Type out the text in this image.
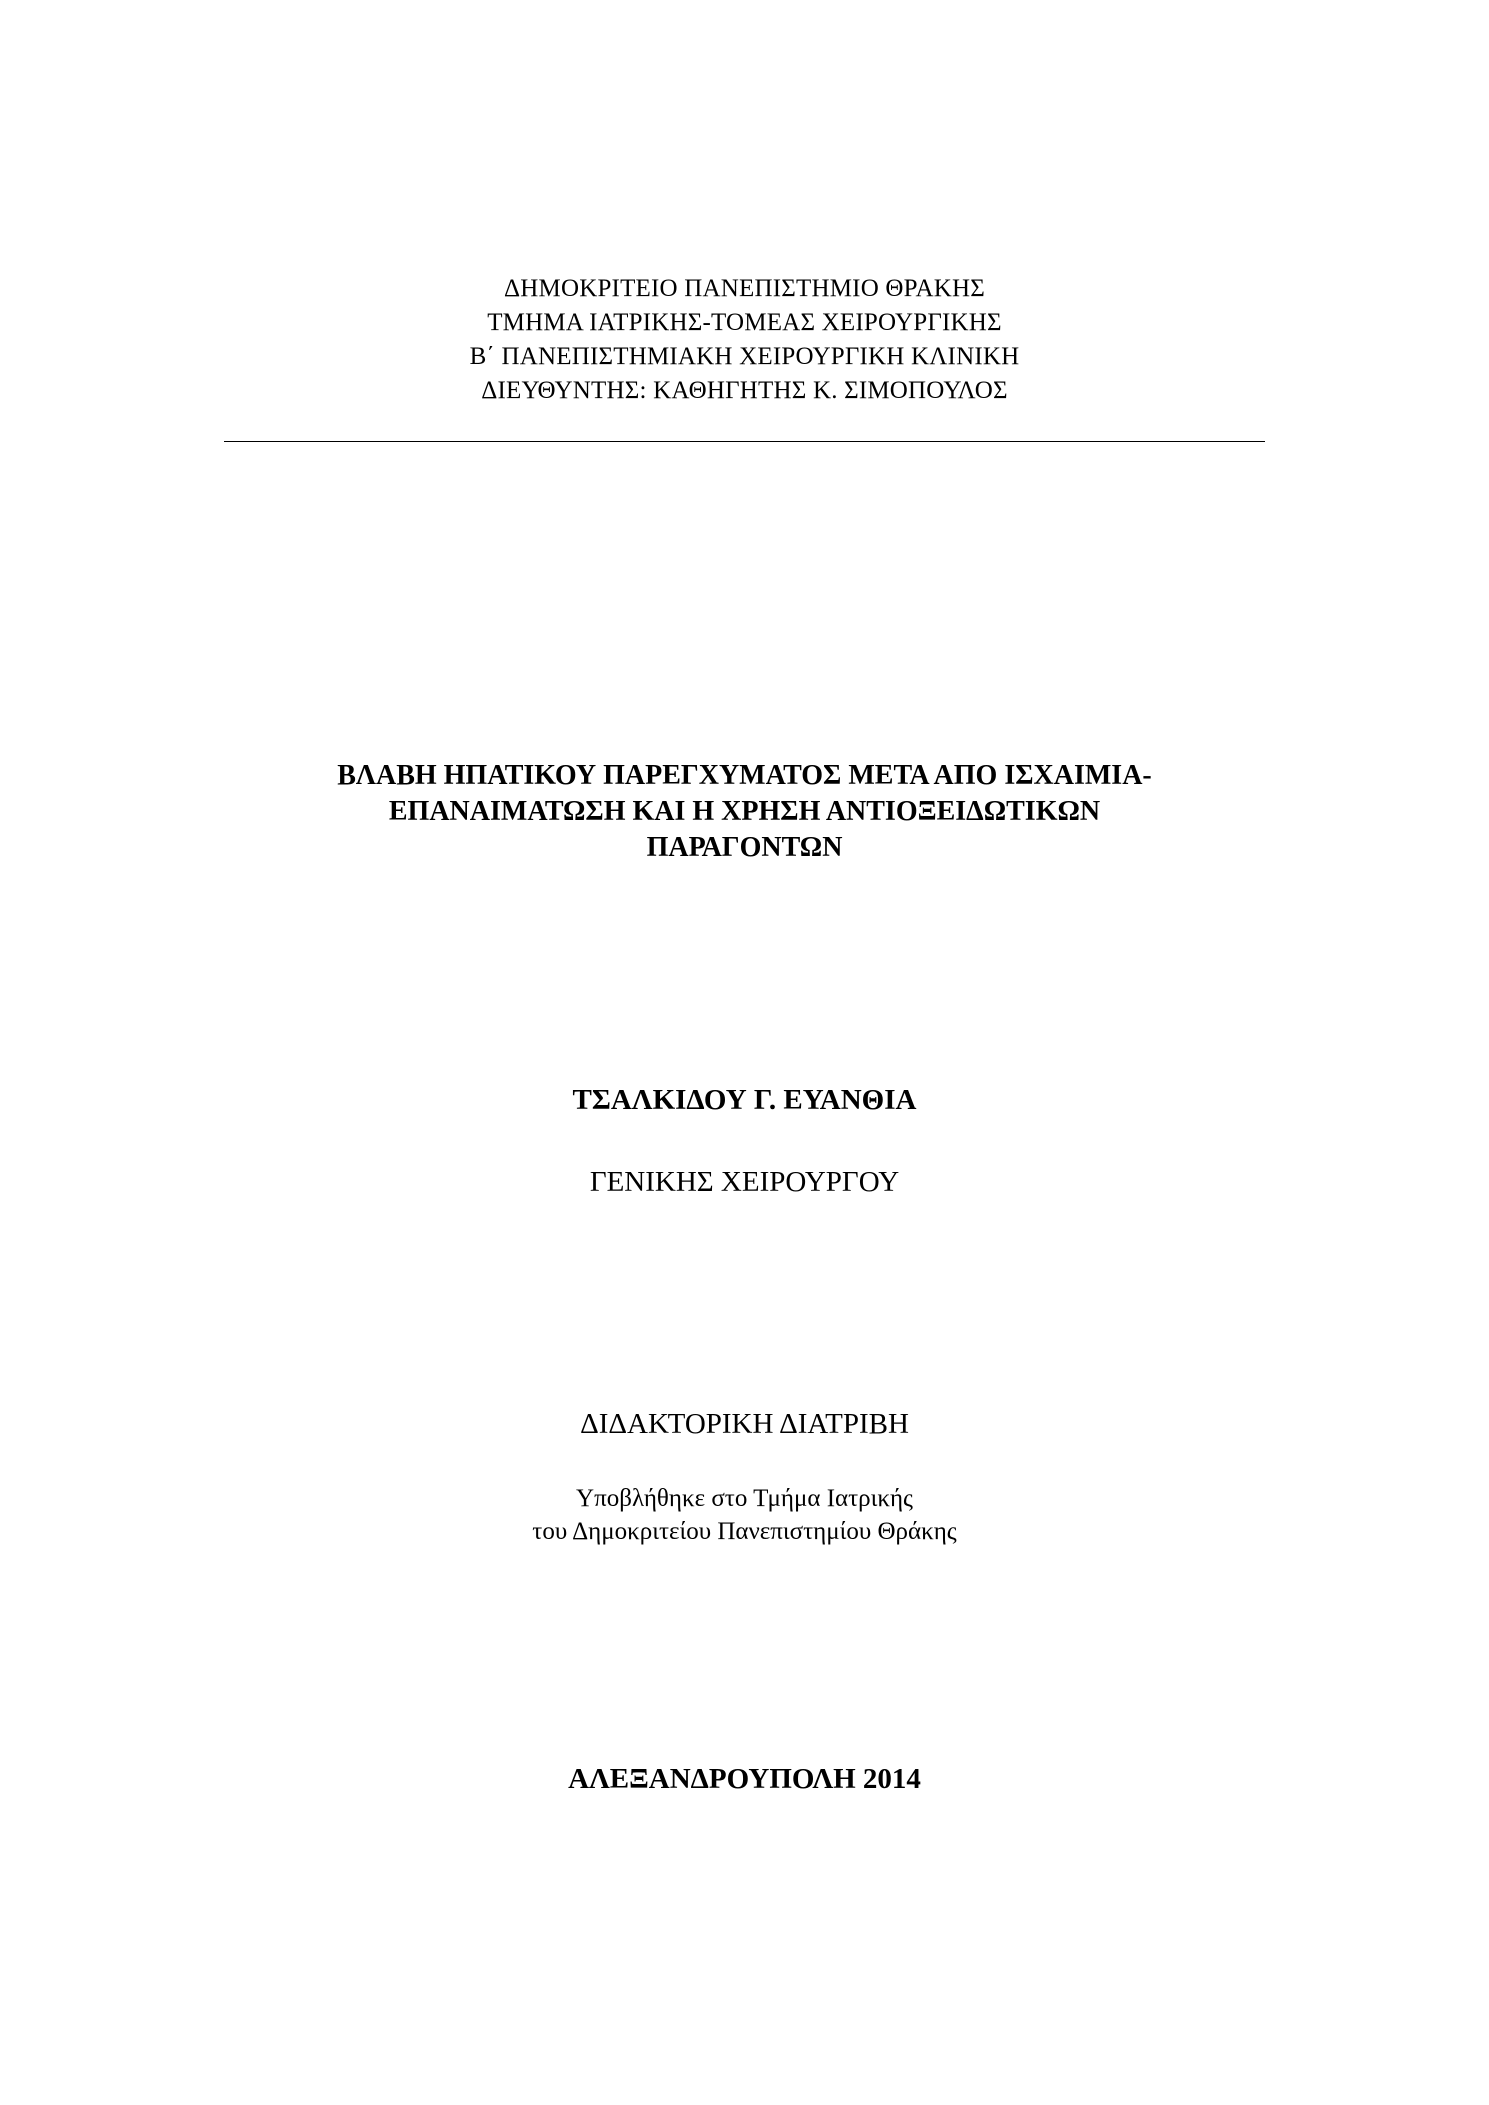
ΔΗΜΟΚΡΙΤΕΙΟ ΠΑΝΕΠΙΣΤΗΜΙΟ ΘΡΑΚΗΣ
ΤΜΗΜΑ ΙΑΤΡΙΚΗΣ-ΤΟΜΕΑΣ ΧΕΙΡΟΥΡΓΙΚΗΣ
Β΄ ΠΑΝΕΠΙΣΤΗΜΙΑΚΗ ΧΕΙΡΟΥΡΓΙΚΗ ΚΛΙΝΙΚΗ
ΔΙΕΥΘΥΝΤΗΣ: ΚΑΘΗΓΗΤΗΣ Κ. ΣΙΜΟΠΟΥΛΟΣ
ΒΛΑΒΗ ΗΠΑΤΙΚΟΥ ΠΑΡΕΓΧΥΜΑΤΟΣ ΜΕΤΑ ΑΠΟ ΙΣΧΑΙΜΙΑ-
ΕΠΑΝΑΙΜΑΤΩΣΗ ΚΑΙ Η ΧΡΗΣΗ ΑΝΤΙΟΞΕΙΔΩΤΙΚΩΝ
ΠΑΡΑΓΟΝΤΩΝ
ΤΣΑΛΚΙΔΟΥ Γ. ΕΥΑΝΘΙΑ
ΓΕΝΙΚΗΣ ΧΕΙΡΟΥΡΓΟΥ
ΔΙΔΑΚΤΟΡΙΚΗ ΔΙΑΤΡΙΒΗ
Υποβλήθηκε στο Τμήμα Ιατρικής
του Δημοκριτείου Πανεπιστημίου Θράκης
ΑΛΕΞΑΝΔΡΟΥΠΟΛΗ 2014
